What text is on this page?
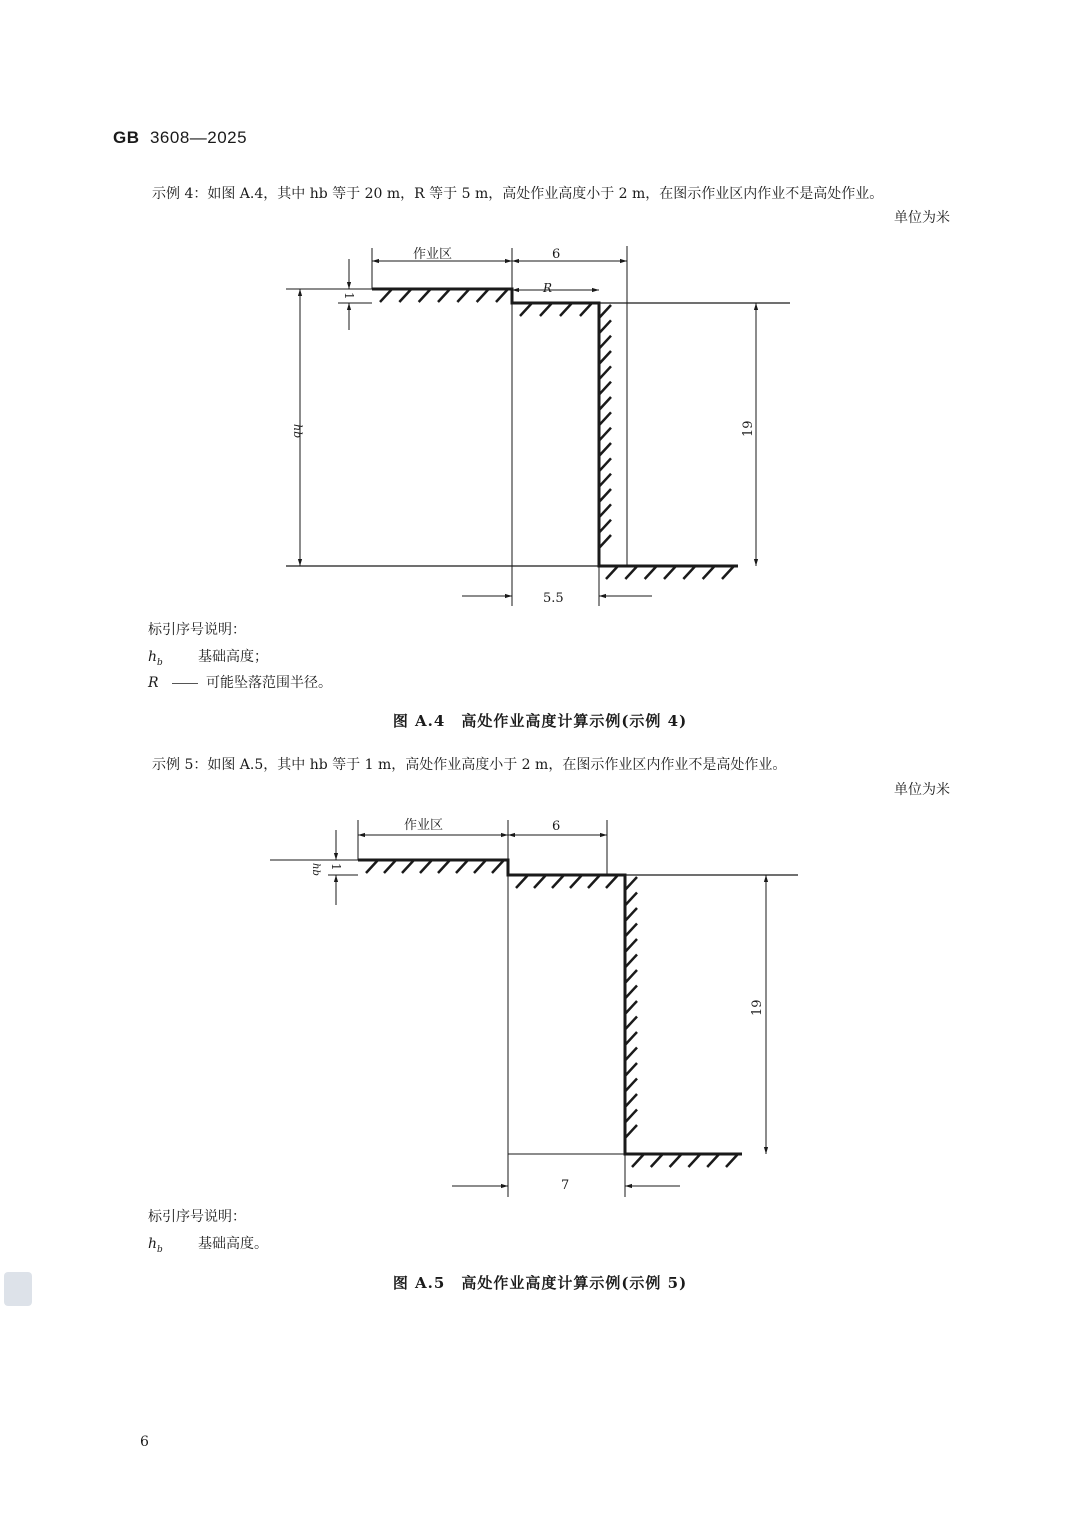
GB 3608—2025
示例 4：如图 A.4，其中 hb 等于 20 m，R 等于 5 m，高处作业高度小于 2 m，在图示作业区内作业不是高处作业。
单位为米
作业区	6
R
1
hb	19
5.5
作业区	6
1
hb
19
7
标引序号说明：
$h_b$	基础高度；
R	可能坠落范围半径。
图 A.4　高处作业高度计算示例(示例 4)
示例 5：如图 A.5，其中 hb 等于 1 m，高处作业高度小于 2 m，在图示作业区内作业不是高处作业。
单位为米
标引序号说明：
$h_b$	基础高度。
图 A.5　高处作业高度计算示例(示例 5)
6
